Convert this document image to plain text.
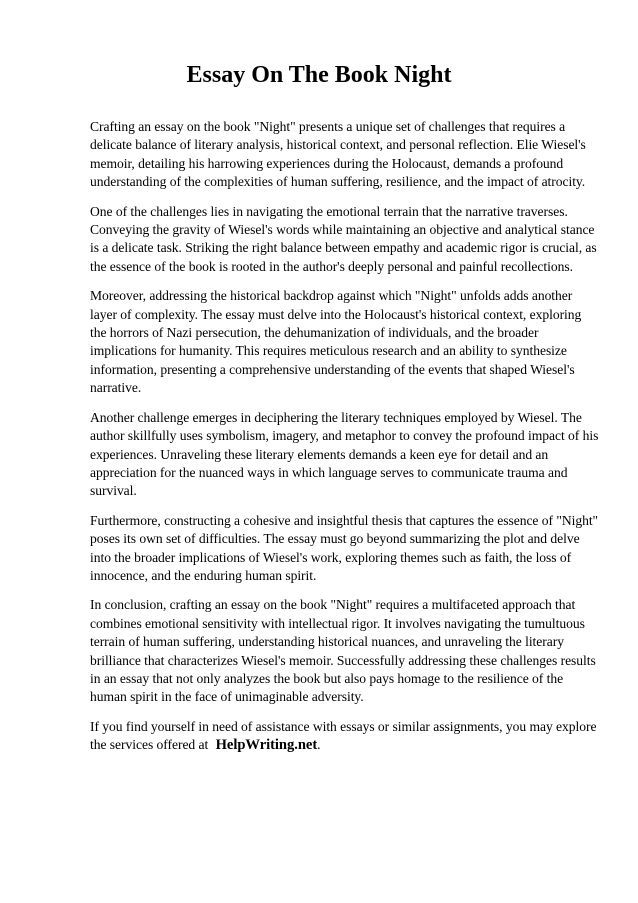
Essay On The Book Night

Crafting an essay on the book "Night" presents a unique set of challenges that requires a delicate balance of literary analysis, historical context, and personal reflection. Elie Wiesel's memoir, detailing his harrowing experiences during the Holocaust, demands a profound understanding of the complexities of human suffering, resilience, and the impact of atrocity.

One of the challenges lies in navigating the emotional terrain that the narrative traverses. Conveying the gravity of Wiesel's words while maintaining an objective and analytical stance is a delicate task. Striking the right balance between empathy and academic rigor is crucial, as the essence of the book is rooted in the author's deeply personal and painful recollections.

Moreover, addressing the historical backdrop against which "Night" unfolds adds another layer of complexity. The essay must delve into the Holocaust's historical context, exploring the horrors of Nazi persecution, the dehumanization of individuals, and the broader implications for humanity. This requires meticulous research and an ability to synthesize information, presenting a comprehensive understanding of the events that shaped Wiesel's narrative.

Another challenge emerges in deciphering the literary techniques employed by Wiesel. The author skillfully uses symbolism, imagery, and metaphor to convey the profound impact of his experiences. Unraveling these literary elements demands a keen eye for detail and an appreciation for the nuanced ways in which language serves to communicate trauma and survival.

Furthermore, constructing a cohesive and insightful thesis that captures the essence of "Night" poses its own set of difficulties. The essay must go beyond summarizing the plot and delve into the broader implications of Wiesel's work, exploring themes such as faith, the loss of innocence, and the enduring human spirit.

In conclusion, crafting an essay on the book "Night" requires a multifaceted approach that combines emotional sensitivity with intellectual rigor. It involves navigating the tumultuous terrain of human suffering, understanding historical nuances, and unraveling the literary brilliance that characterizes Wiesel's memoir. Successfully addressing these challenges results in an essay that not only analyzes the book but also pays homage to the resilience of the human spirit in the face of unimaginable adversity.

If you find yourself in need of assistance with essays or similar assignments, you may explore the services offered at HelpWriting.net.
